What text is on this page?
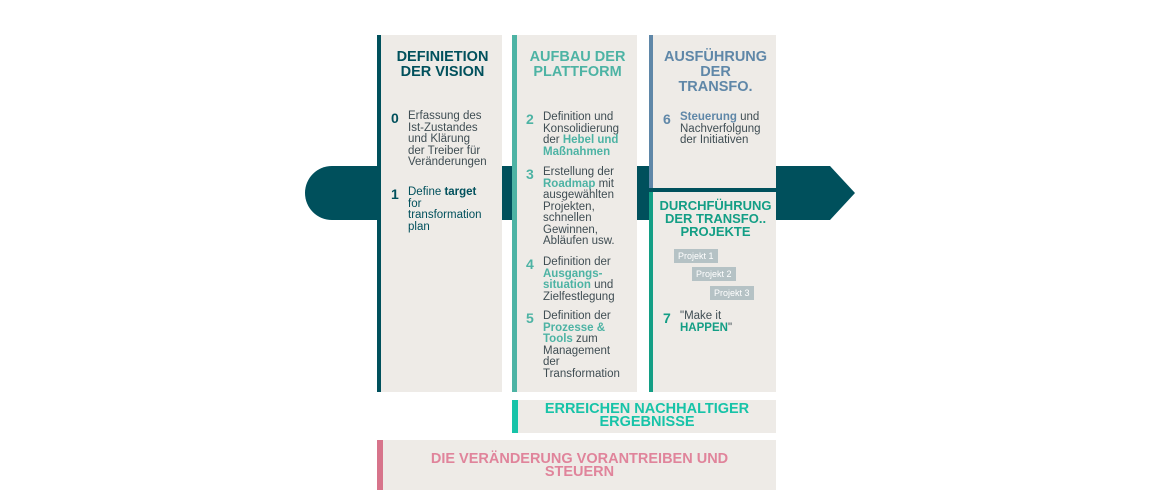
DEFINIETION
DER VISION
0 Erfassung des
Ist-Zustandes
und Klärung
der Treiber für
Veränderungen
1 Define target
for
transformation
plan
AUFBAU DER
PLATTFORM
2 Definition und
Konsolidierung
der Hebel und
Maßnahmen
3 Erstellung der
Roadmap mit
ausgewählten
Projekten,
schnellen
Gewinnen,
Abläufen usw.
4 Definition der
Ausgangs-
situation und
Zielfestlegung
5 Definition der
Prozesse &
Tools zum
Management
der
Transformation
AUSFÜHRUNG
DER
TRANSFO.
6 Steuerung und
Nachverfolgung
der Initiativen
DURCHFÜHRUNG
DER TRANSFO..
PROJEKTE
Projekt 1
Projekt 2
Projekt 3
7 "Make it
HAPPEN"
ERREICHEN NACHHALTIGER
ERGEBNISSE
DIE VERÄNDERUNG VORANTREIBEN UND
STEUERN
